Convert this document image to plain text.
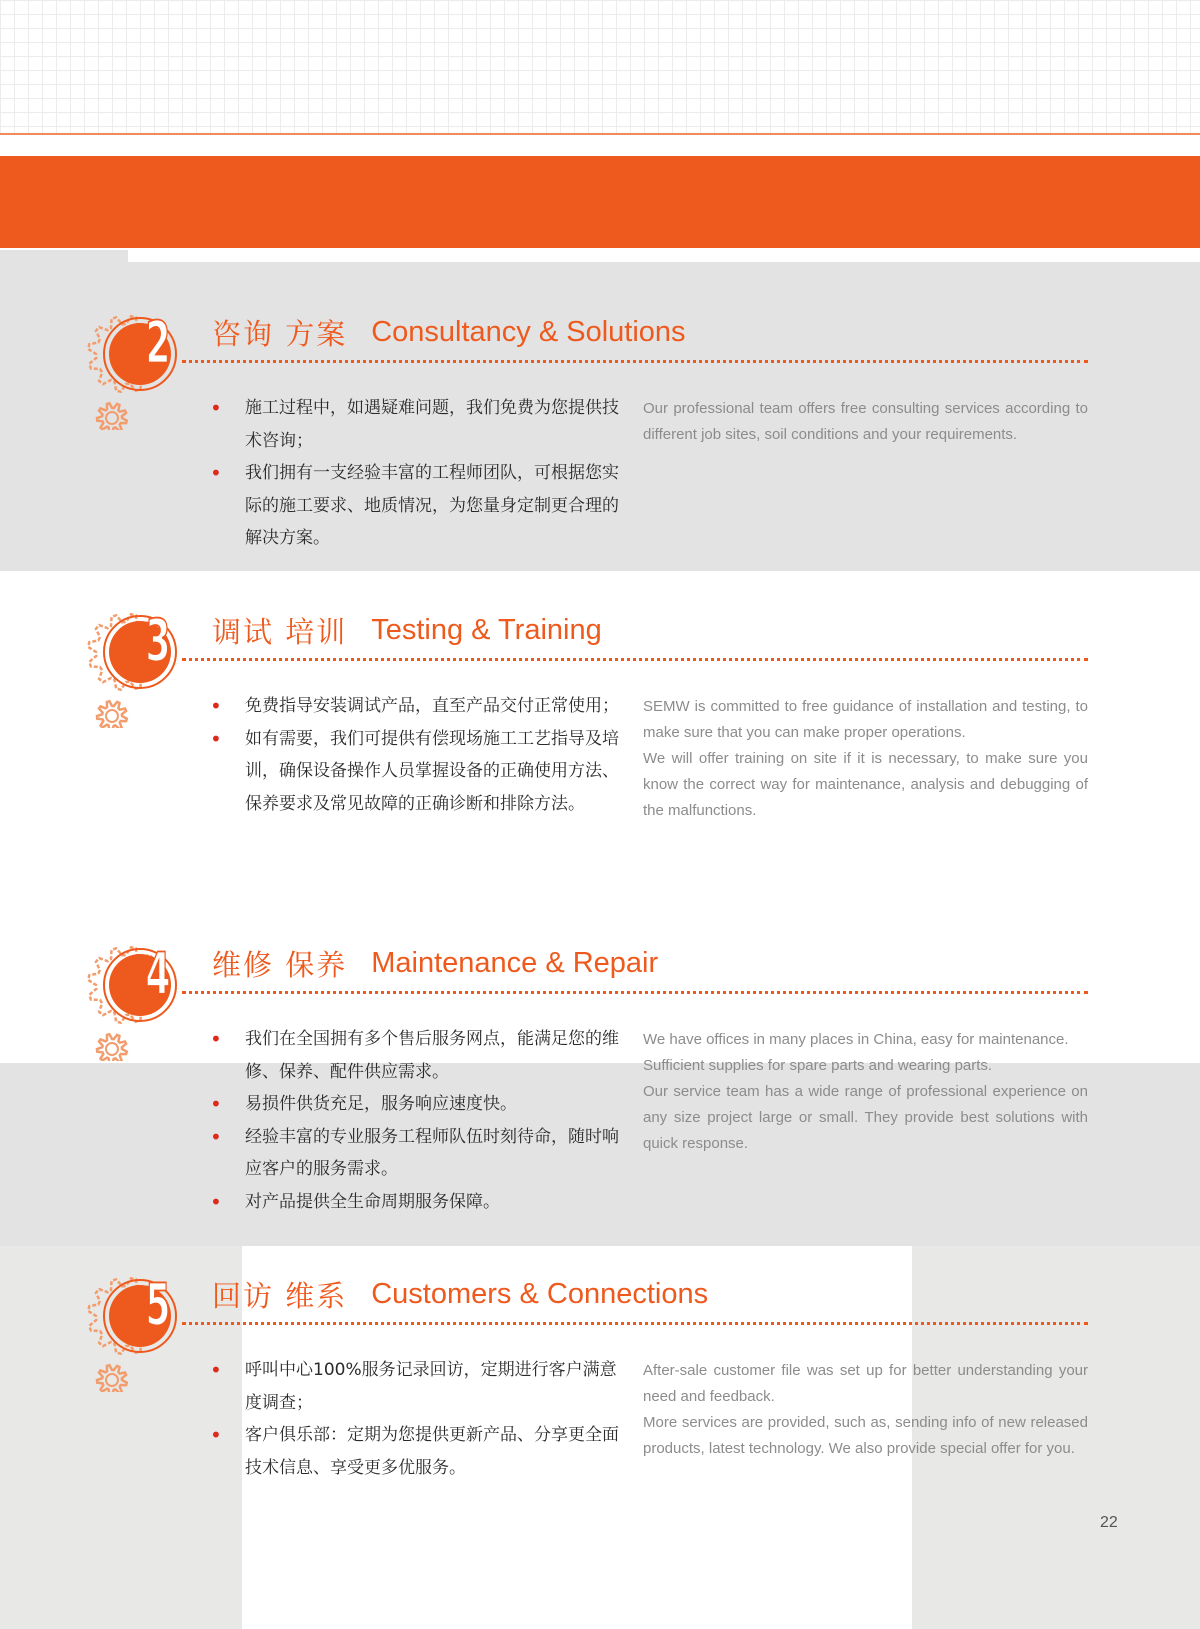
2 咨询 方案 Consultancy & Solutions
• 施工过程中，如遇疑难问题，我们免费为您提供技术咨询；
• 我们拥有一支经验丰富的工程师团队，可根据您实际的施工要求、地质情况，为您量身定制更合理的解决方案。

Our professional team offers free consulting services according to different job sites, soil conditions and your requirements.

3 调试 培训 Testing & Training
• 免费指导安装调试产品，直至产品交付正常使用；
• 如有需要，我们可提供有偿现场施工工艺指导及培训，确保设备操作人员掌握设备的正确使用方法、保养要求及常见故障的正确诊断和排除方法。

SEMW is committed to free guidance of installation and testing, to make sure that you can make proper operations.

We will offer training on site if it is necessary, to make sure you know the correct way for maintenance, analysis and debugging of the malfunctions.

4 维修 保养 Maintenance & Repair
• 我们在全国拥有多个售后服务网点，能满足您的维修、保养、配件供应需求。
• 易损件供货充足，服务响应速度快。
• 经验丰富的专业服务工程师队伍时刻待命，随时响应客户的服务需求。
• 对产品提供全生命周期服务保障。

We have offices in many places in China, easy for maintenance.

Sufficient supplies for spare parts and wearing parts.

Our service team has a wide range of professional experience on any size project large or small. They provide best solutions with quick response.

5 回访 维系 Customers & Connections
• 呼叫中心100%服务记录回访，定期进行客户满意度调查；
• 客户俱乐部：定期为您提供更新产品、分享更全面技术信息、享受更多优服务。

After-sale customer file was set up for better understanding your need and feedback.

More services are provided, such as, sending info of new released products, latest technology. We also provide special offer for you.

22
